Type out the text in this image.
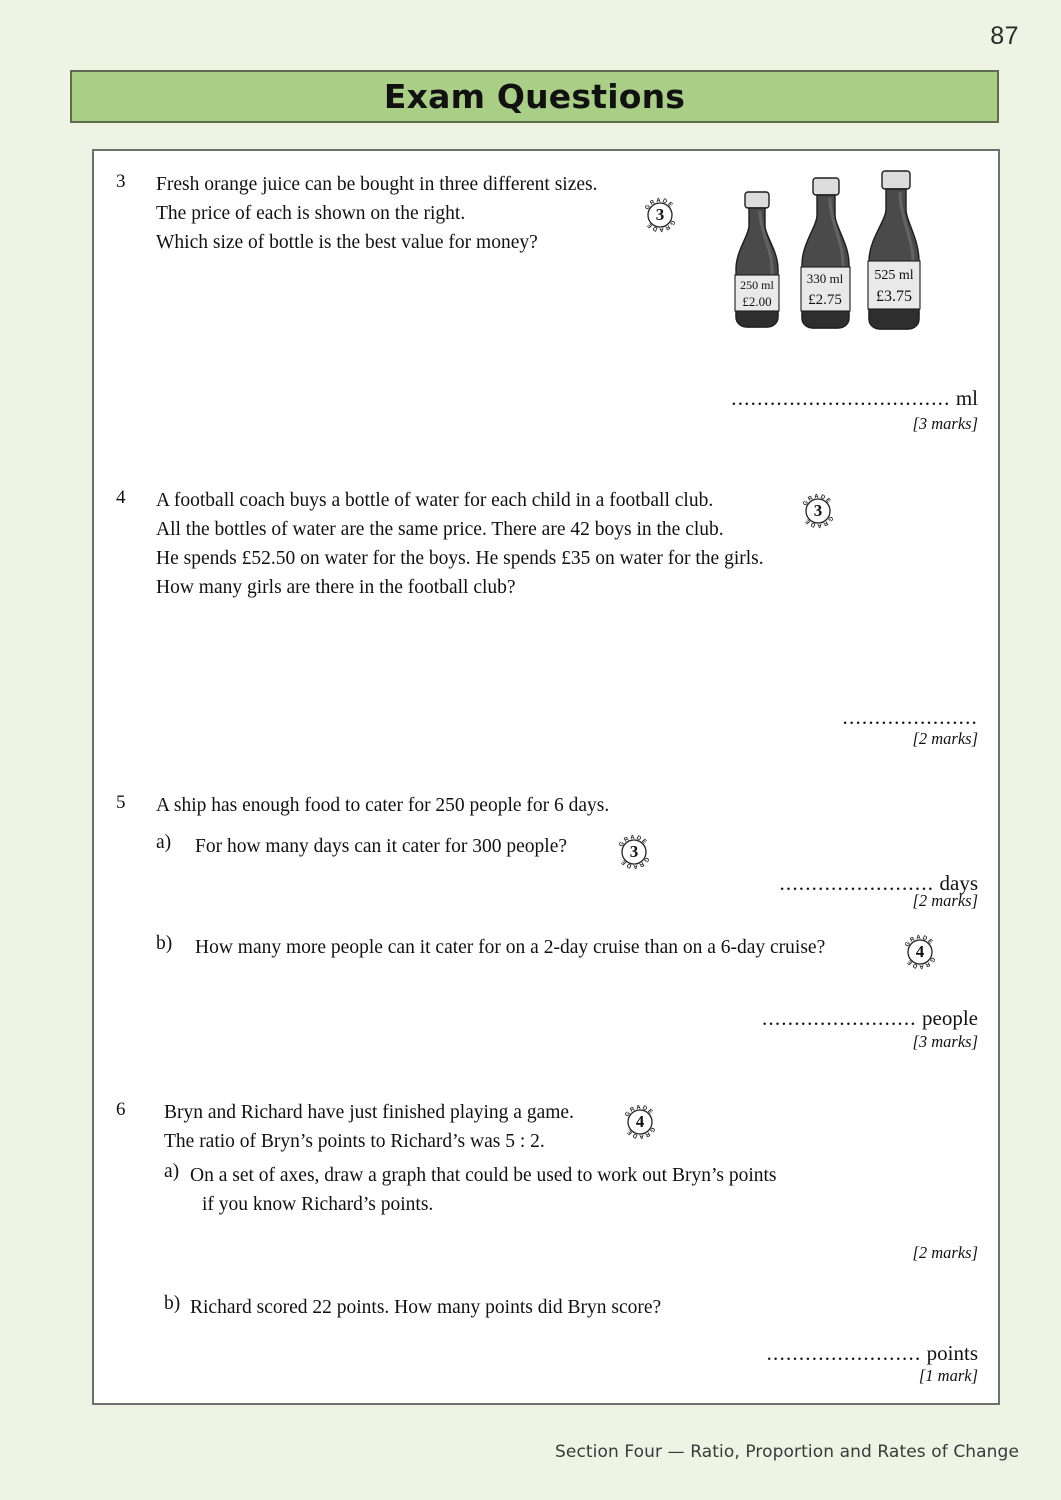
87
Exam Questions
3 Fresh orange juice can be bought in three different sizes.
The price of each is shown on the right.
Which size of bottle is the best value for money?
GRADE
GRADE
3
250 ml
£2.00
330 ml
£2.75
525 ml
£3.75
.................................. ml
[3 marks]
4 A football coach buys a bottle of water for each child in a football club.
All the bottles of water are the same price. There are 42 boys in the club.
He spends £52.50 on water for the boys. He spends £35 on water for the girls.
How many girls are there in the football club?
GRADE
GRADE
3
.....................
[2 marks]
5 A ship has enough food to cater for 250 people for 6 days.
a) For how many days can it cater for 300 people?	GRADE
GRADE
3
........................ days
[2 marks]
b) How many more people can it cater for on a 2-day cruise than on a 6-day cruise?	GRADE
GRADE
4
........................ people
[3 marks]
6 Bryn and Richard have just finished playing a game.
The ratio of Bryn’s points to Richard’s was 5 : 2.
GRADE
GRADE
4
a) On a set of axes, draw a graph that could be used to work out Bryn’s points
if you know Richard’s points.
[2 marks]
b) Richard scored 22 points. How many points did Bryn score?
........................ points
[1 mark]
Section Four — Ratio, Proportion and Rates of Change
